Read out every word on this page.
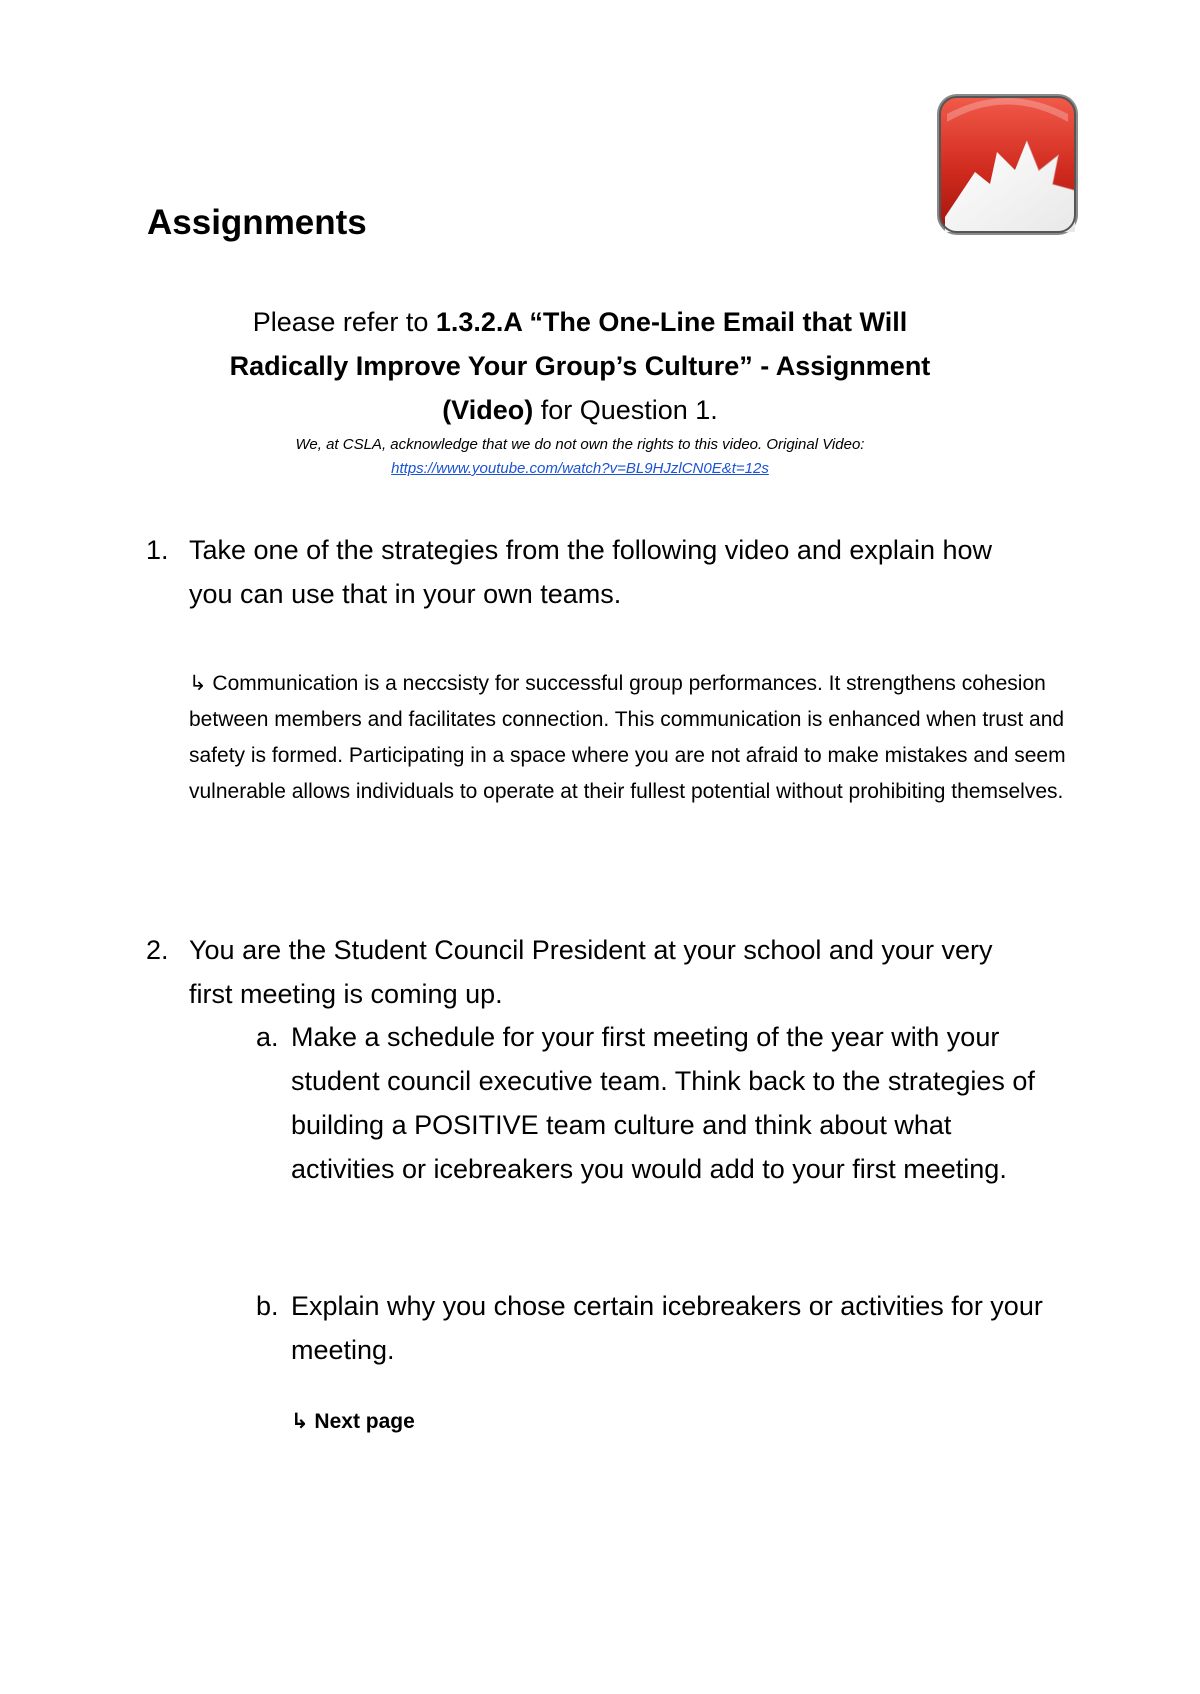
Assignments

Please refer to 1.3.2.A “The One-Line Email that Will Radically Improve Your Group’s Culture” - Assignment (Video) for Question 1.

We, at CSLA, acknowledge that we do not own the rights to this video. Original Video:
https://www.youtube.com/watch?v=BL9HJzlCN0E&t=12s
1. Take one of the strategies from the following video and explain how you can use that in your own teams.
↳ Communication is a neccsisty for successful group performances. It strengthens cohesion between members and facilitates connection. This communication is enhanced when trust and safety is formed. Participating in a space where you are not afraid to make mistakes and seem vulnerable allows individuals to operate at their fullest potential without prohibiting themselves.
2. You are the Student Council President at your school and your very first meeting is coming up.
a. Make a schedule for your first meeting of the year with your student council executive team. Think back to the strategies of building a POSITIVE team culture and think about what activities or icebreakers you would add to your first meeting.
b. Explain why you chose certain icebreakers or activities for your meeting.
↳ Next page
